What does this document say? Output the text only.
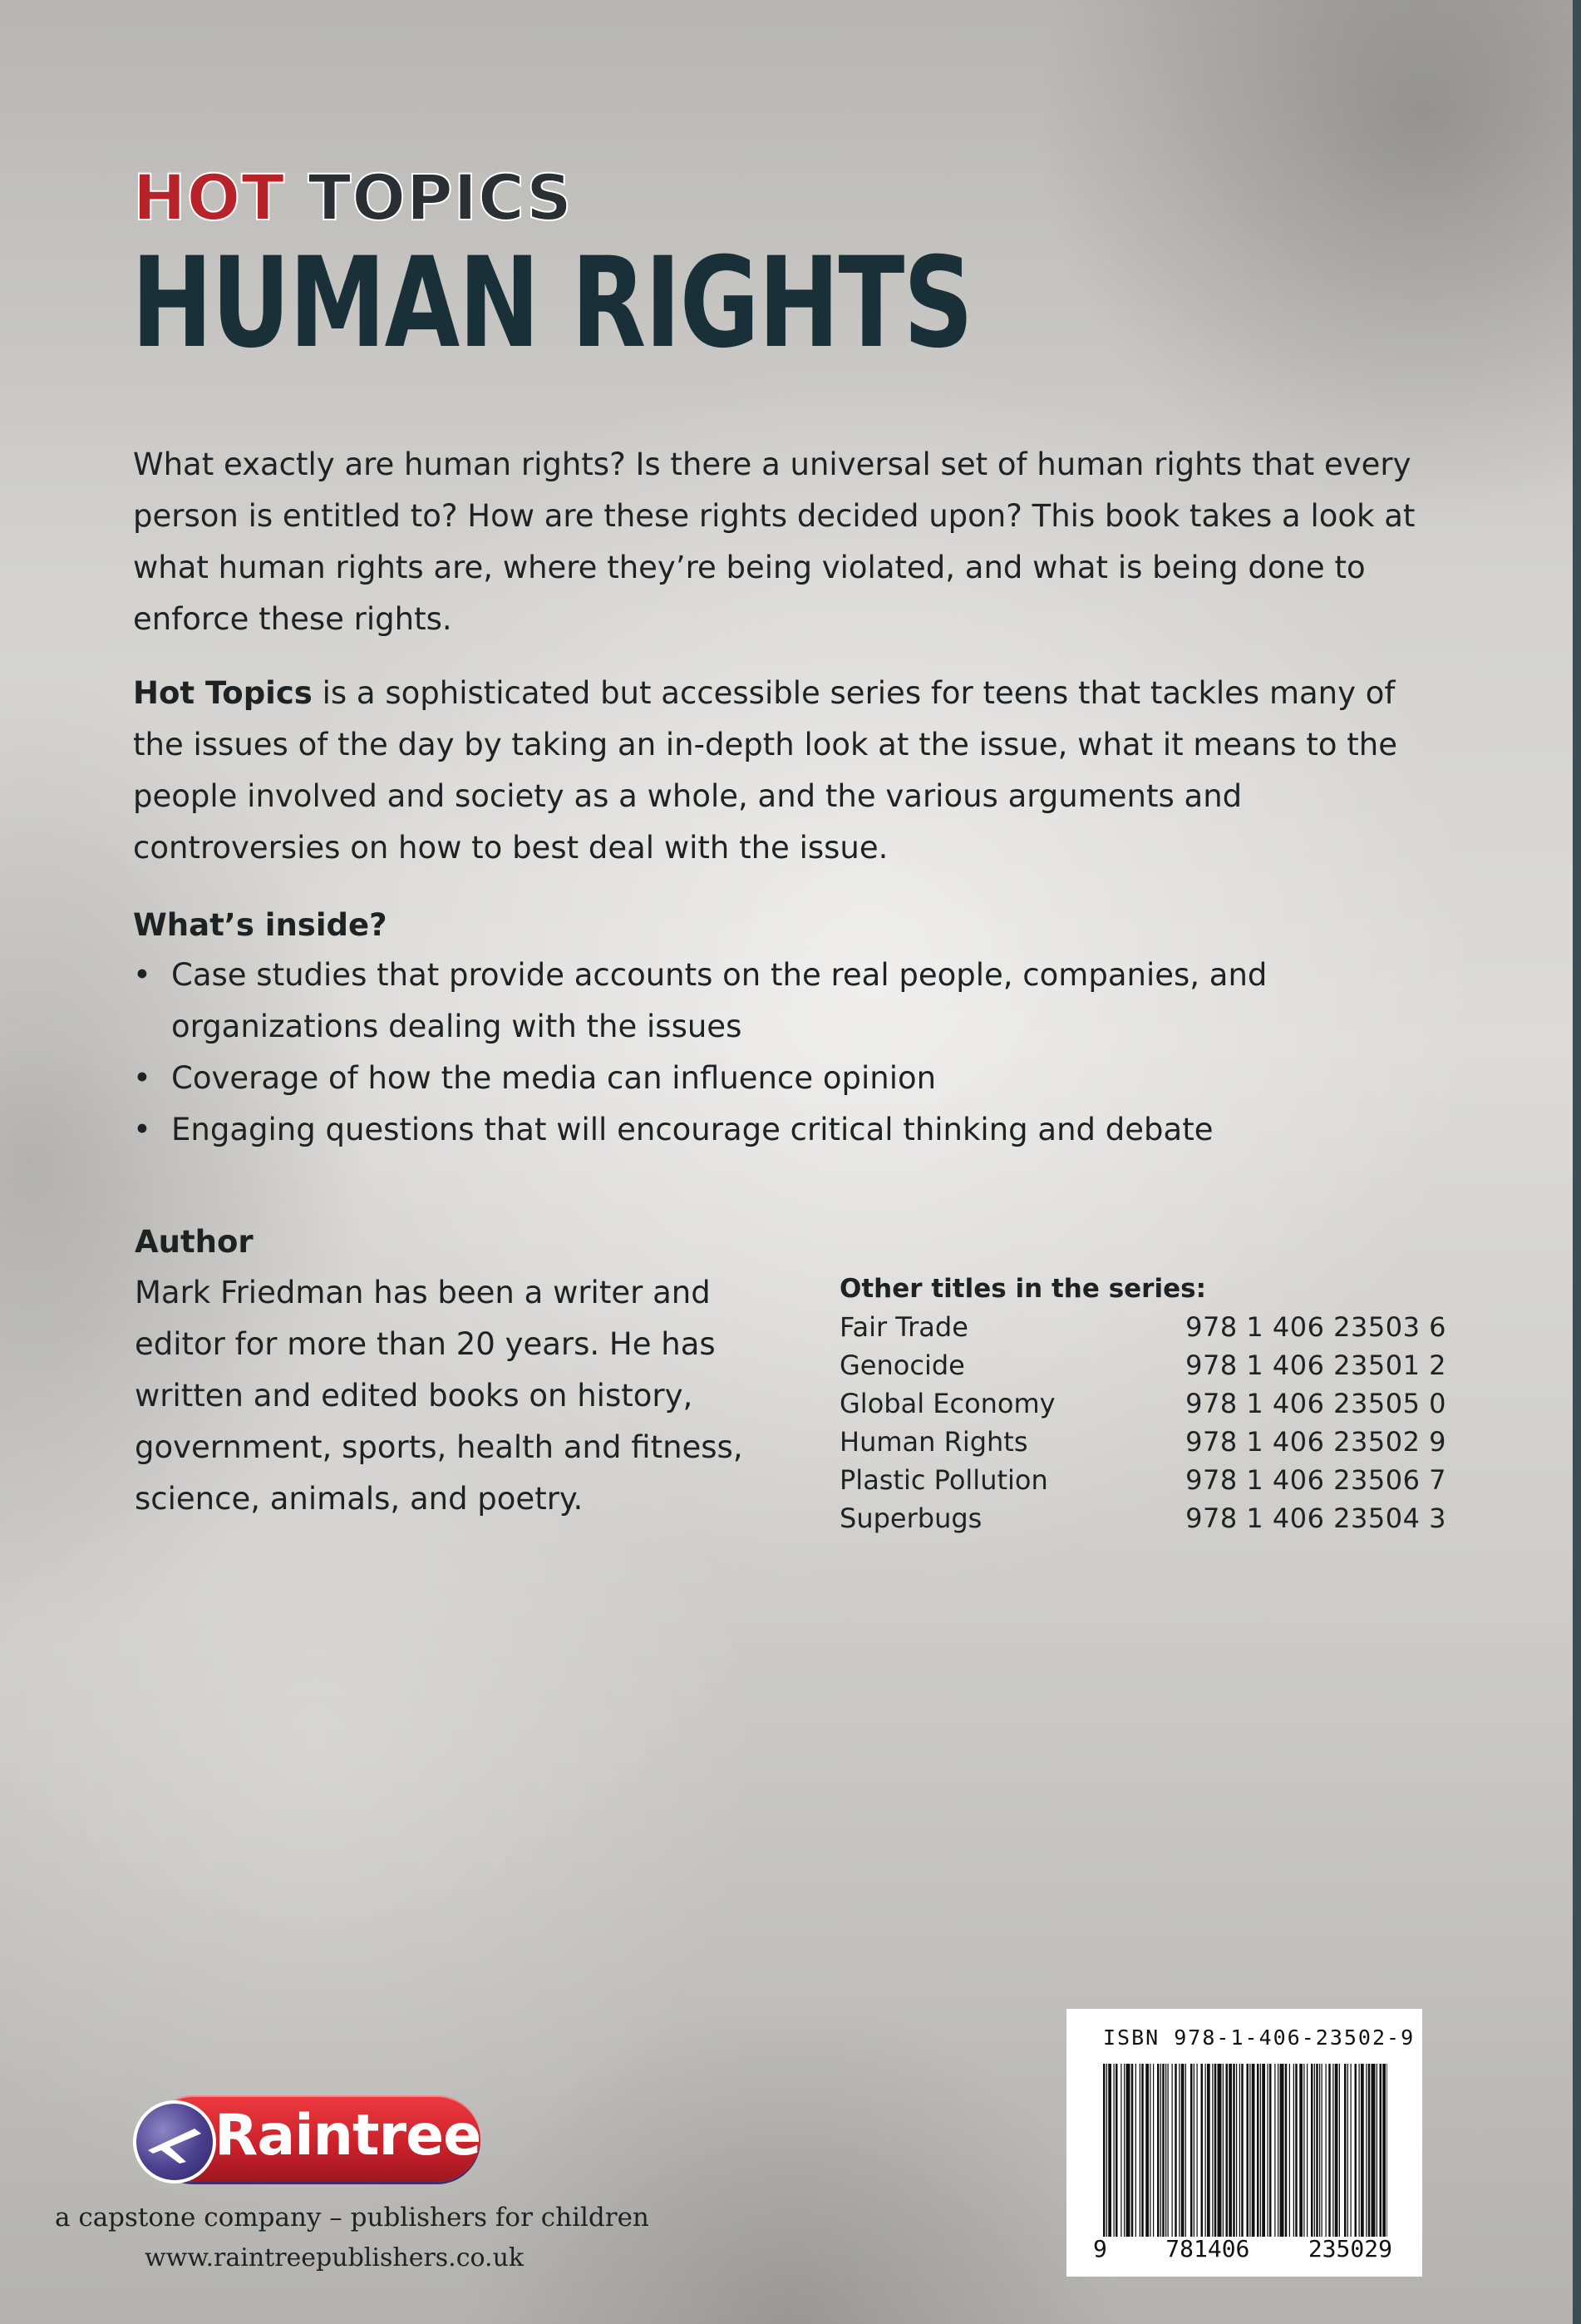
HOT TOPICS
HUMAN RIGHTS

What exactly are human rights? Is there a universal set of human rights that every person is entitled to? How are these rights decided upon? This book takes a look at what human rights are, where they’re being violated, and what is being done to enforce these rights.

Hot Topics is a sophisticated but accessible series for teens that tackles many of the issues of the day by taking an in-depth look at the issue, what it means to the people involved and society as a whole, and the various arguments and controversies on how to best deal with the issue.

What’s inside?
• Case studies that provide accounts on the real people, companies, and organizations dealing with the issues
• Coverage of how the media can influence opinion
• Engaging questions that will encourage critical thinking and debate
Author

Mark Friedman has been a writer and editor for more than 20 years. He has written and edited books on history, government, sports, health and fitness, science, animals, and poetry.

Other titles in the series:

Fair Trade	978 1 406 23503 6
Genocide	978 1 406 23501 2
Global Economy	978 1 406 23505 0
Human Rights	978 1 406 23502 9
Plastic Pollution	978 1 406 23506 7
Superbugs	978 1 406 23504 3
Raintree

a capstone company – publishers for children

www.raintreepublishers.co.uk

ISBN 978-1-406-23502-9

9	781406	235029
